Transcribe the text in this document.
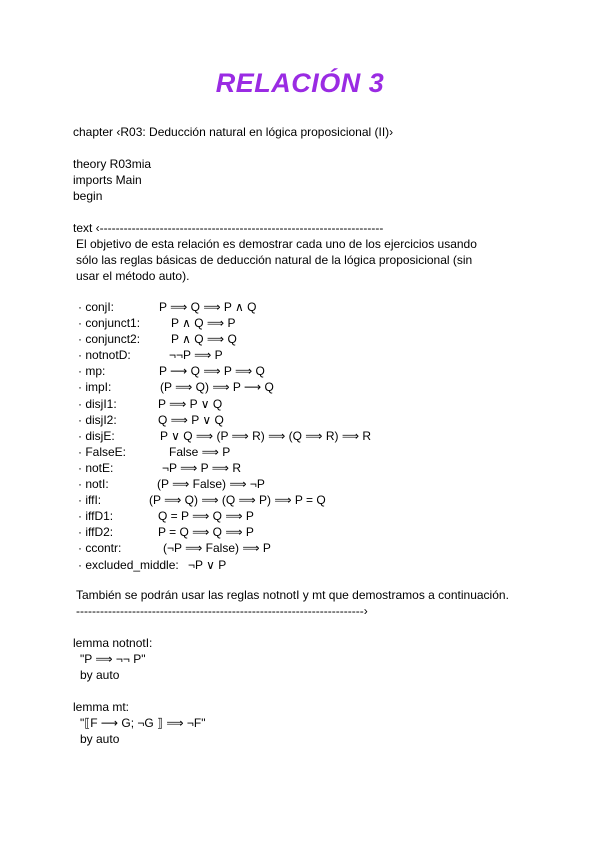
RELACIÓN 3
chapter ‹R03: Deducción natural en lógica proposicional (II)›
theory R03mia
imports Main
begin
text ‹-----------------------------------------------------------------------
El objetivo de esta relación es demostrar cada uno de los ejercicios usando
sólo las reglas básicas de deducción natural de la lógica proposicional (sin
usar el método auto).
· conjI:	P ⟹ Q ⟹ P ∧ Q
· conjunct1:	P ∧ Q ⟹ P
· conjunct2:	P ∧ Q ⟹ Q
· notnotD:	¬¬P ⟹ P
· mp:	P ⟶ Q ⟹ P ⟹ Q
· impI:	(P ⟹ Q) ⟹ P ⟶ Q
· disjI1:	P ⟹ P ∨ Q
· disjI2:	Q ⟹ P ∨ Q
· disjE:	P ∨ Q ⟹ (P ⟹ R) ⟹ (Q ⟹ R) ⟹ R
· FalseE:	False ⟹ P
· notE:	¬P ⟹ P ⟹ R
· notI:	(P ⟹ False) ⟹ ¬P
· iffI:	(P ⟹ Q) ⟹ (Q ⟹ P) ⟹ P = Q
· iffD1:	Q = P ⟹ Q ⟹ P
· iffD2:	P = Q ⟹ Q ⟹ P
· ccontr:	(¬P ⟹ False) ⟹ P
· excluded_middle: ¬P ∨ P
También se podrán usar las reglas notnotI y mt que demostramos a continuación.
------------------------------------------------------------------------›
lemma notnotI:
"P ⟹ ¬¬ P"
by auto
lemma mt:
"⟦F ⟶ G; ¬G ⟧ ⟹ ¬F"
by auto
